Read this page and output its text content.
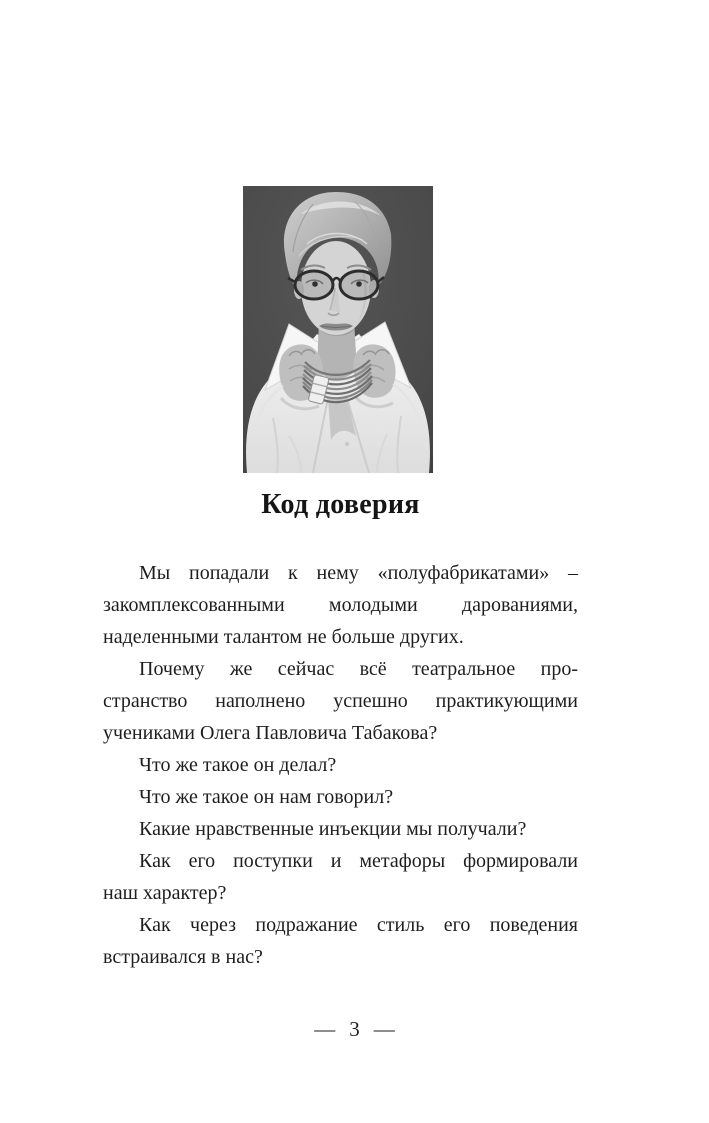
Код доверия
Мы попадали к нему «полуфабрикатами» –
закомплексованными молодыми дарованиями,
наделенными талантом не больше других.
Почему же сейчас всё театральное про-
странство наполнено успешно практикующими
учениками Олега Павловича Табакова?
Что же такое он делал?
Что же такое он нам говорил?
Какие нравственные инъекции мы получали?
Как его поступки и метафоры формировали
наш характер?
Как через подражание стиль его поведения
встраивался в нас?
— 3 —
